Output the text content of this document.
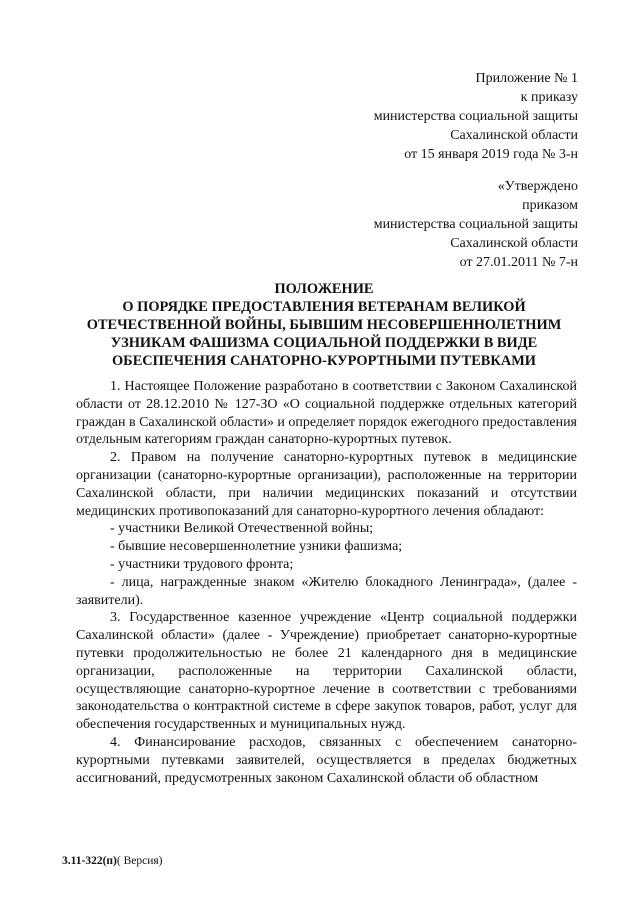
Приложение № 1
к приказу
министерства социальной защиты
Сахалинской области
от 15 января 2019 года № 3-н
«Утверждено
приказом
министерства социальной защиты
Сахалинской области
от 27.01.2011 № 7-н
ПОЛОЖЕНИЕ
О ПОРЯДКЕ ПРЕДОСТАВЛЕНИЯ ВЕТЕРАНАМ ВЕЛИКОЙ
ОТЕЧЕСТВЕННОЙ ВОЙНЫ, БЫВШИМ НЕСОВЕРШЕННОЛЕТНИМ
УЗНИКАМ ФАШИЗМА СОЦИАЛЬНОЙ ПОДДЕРЖКИ В ВИДЕ
ОБЕСПЕЧЕНИЯ САНАТОРНО-КУРОРТНЫМИ ПУТЕВКАМИ

1. Настоящее Положение разработано в соответствии с Законом Сахалинской области от 28.12.2010 № 127-ЗО «О социальной поддержке отдельных категорий граждан в Сахалинской области» и определяет порядок ежегодного предоставления отдельным категориям граждан санаторно-курортных путевок.

2. Правом на получение санаторно-курортных путевок в медицинские организации (санаторно-курортные организации), расположенные на территории Сахалинской области, при наличии медицинских показаний и отсутствии медицинских противопоказаний для санаторно-курортного лечения обладают:

- участники Великой Отечественной войны;

- бывшие несовершеннолетние узники фашизма;

- участники трудового фронта;

- лица, награжденные знаком «Жителю блокадного Ленинграда», (далее - заявители).

3. Государственное казенное учреждение «Центр социальной поддержки Сахалинской области» (далее - Учреждение) приобретает санаторно-курортные путевки продолжительностью не более 21 календарного дня в медицинские организации, расположенные на территории Сахалинской области, осуществляющие санаторно-курортное лечение в соответствии с требованиями законодательства о контрактной системе в сфере закупок товаров, работ, услуг для обеспечения государственных и муниципальных нужд.

4. Финансирование расходов, связанных с обеспечением санаторно-курортными путевками заявителей, осуществляется в пределах бюджетных ассигнований, предусмотренных законом Сахалинской области об областном

3.11-322(п)( Версия)
